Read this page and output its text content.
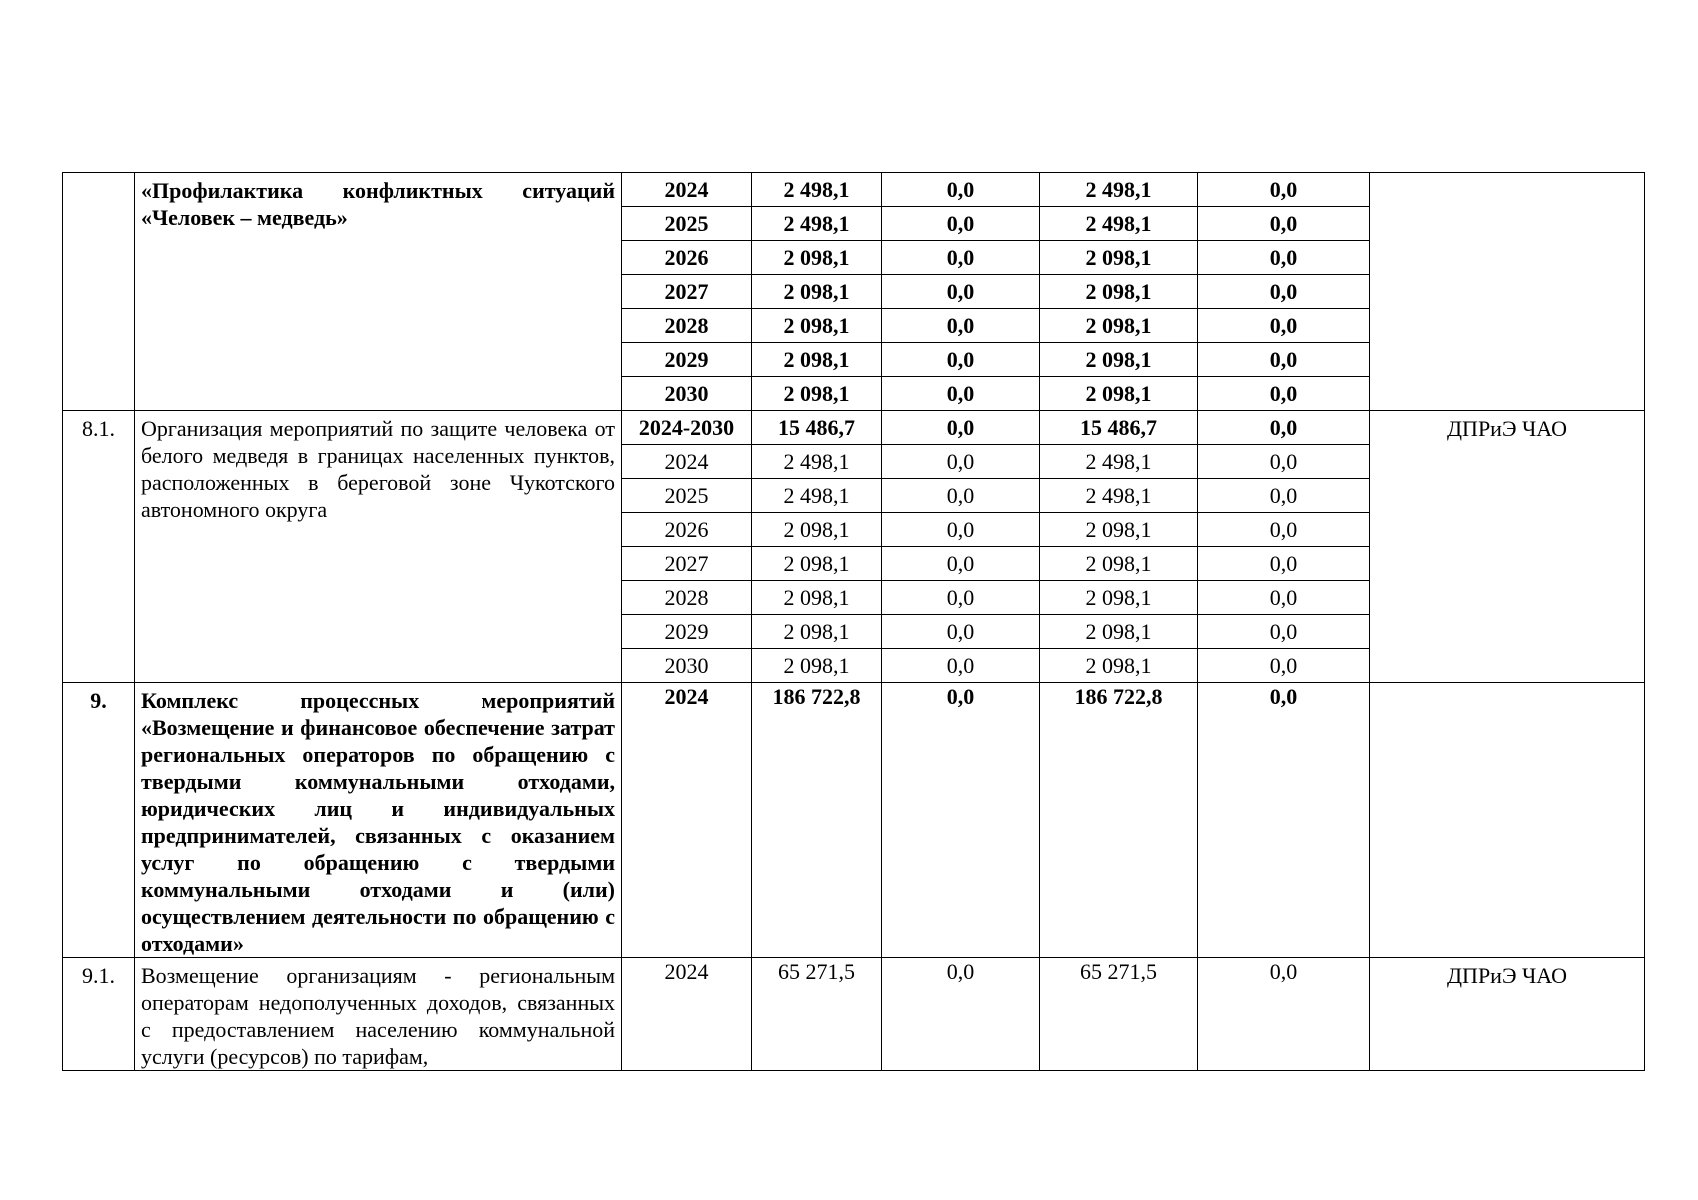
	«Профилактика конфликтных ситуаций «Человек – медведь»	2024	2 498,1	0,0	2 498,1	0,0	
		2025	2 498,1	0,0	2 498,1	0,0	
		2026	2 098,1	0,0	2 098,1	0,0	
		2027	2 098,1	0,0	2 098,1	0,0	
		2028	2 098,1	0,0	2 098,1	0,0	
		2029	2 098,1	0,0	2 098,1	0,0	
		2030	2 098,1	0,0	2 098,1	0,0	
8.1.	Организация мероприятий по защите человека от белого медведя в границах населенных пунктов, расположенных в береговой зоне Чукотского автономного округа	2024-2030	15 486,7	0,0	15 486,7	0,0	ДПРиЭ ЧАО
		2024	2 498,1	0,0	2 498,1	0,0	
		2025	2 498,1	0,0	2 498,1	0,0	
		2026	2 098,1	0,0	2 098,1	0,0	
		2027	2 098,1	0,0	2 098,1	0,0	
		2028	2 098,1	0,0	2 098,1	0,0	
		2029	2 098,1	0,0	2 098,1	0,0	
		2030	2 098,1	0,0	2 098,1	0,0	
9.	Комплекс процессных мероприятий «Возмещение и финансовое обеспечение затрат региональных операторов по обращению с твердыми коммунальными отходами, юридических лиц и индивидуальных предпринимателей, связанных с оказанием услуг по обращению с твердыми коммунальными отходами и (или) осуществлением деятельности по обращению с отходами»	2024	186 722,8	0,0	186 722,8	0,0	
9.1.	Возмещение организациям - региональным операторам недополученных доходов, связанных с предоставлением населению коммунальной услуги (ресурсов) по тарифам,	2024	65 271,5	0,0	65 271,5	0,0	ДПРиЭ ЧАО
